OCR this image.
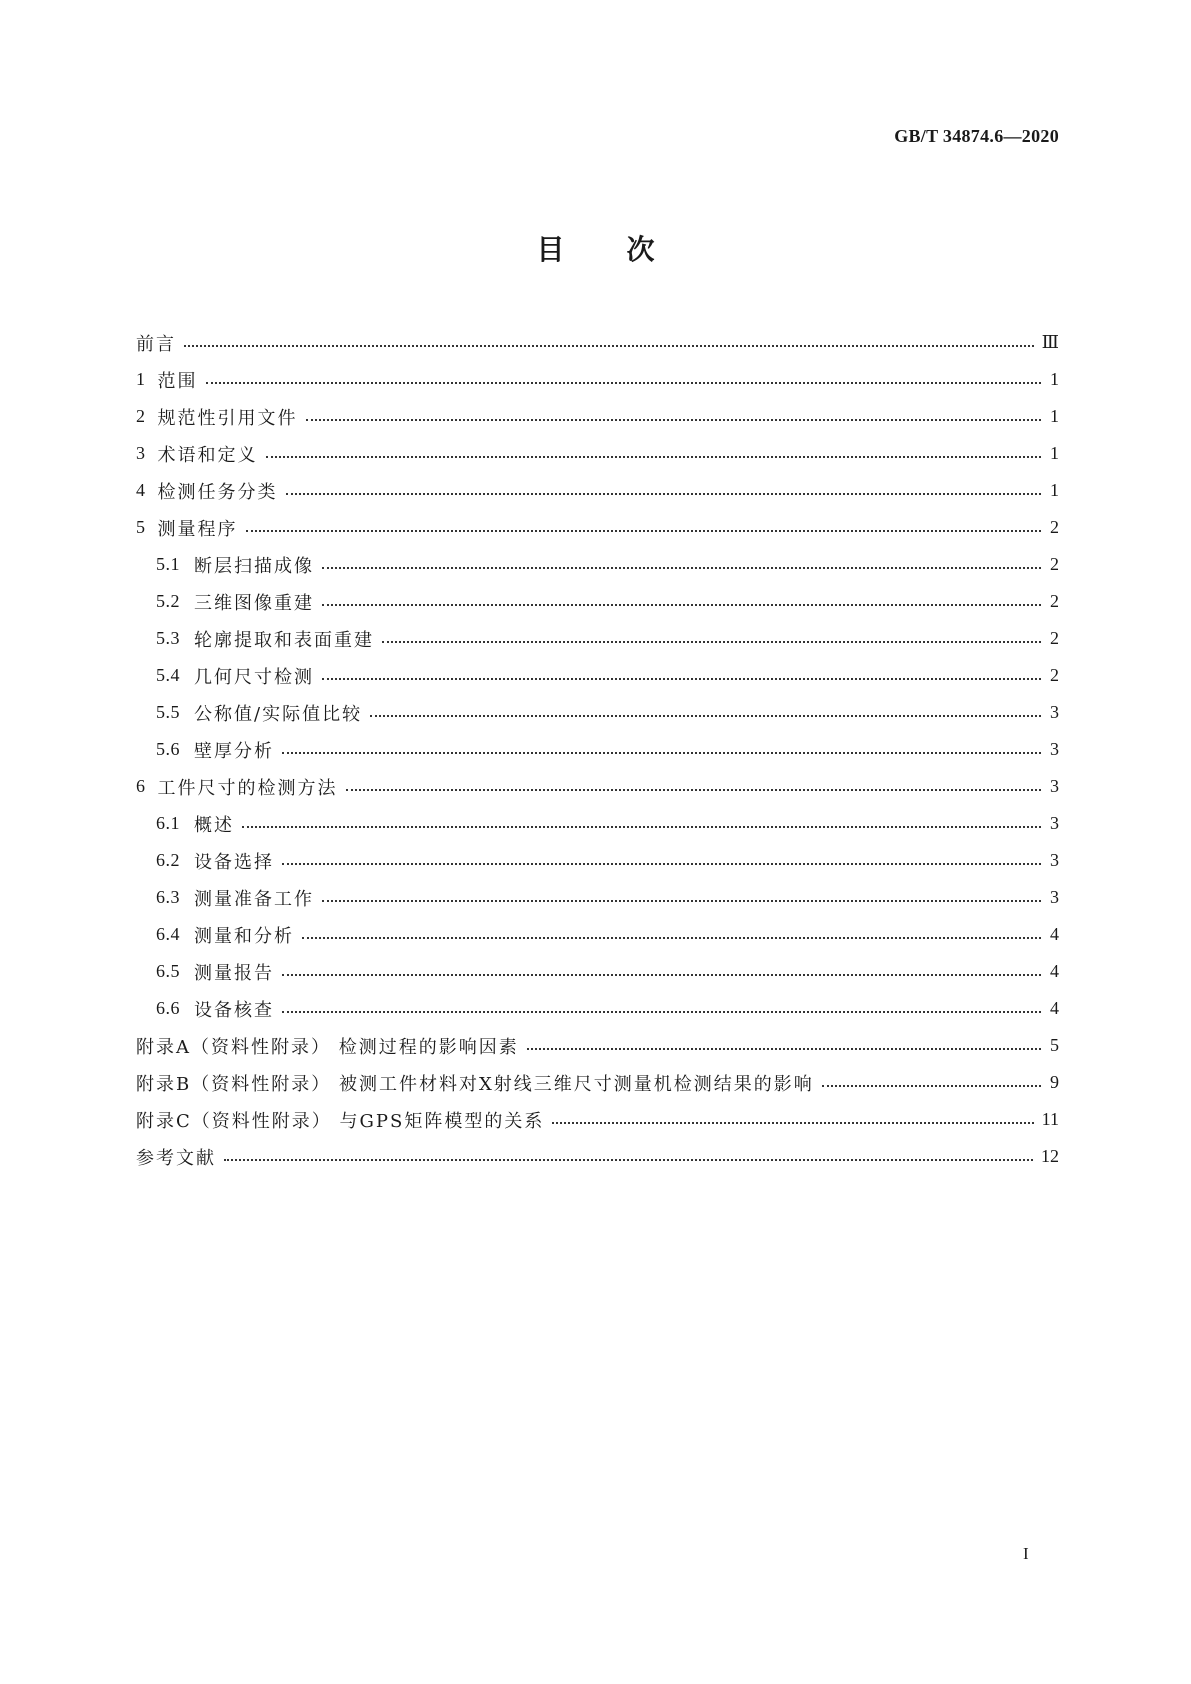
GB/T 34874.6—2020
目次
前言	Ⅲ
1 范围	1
2 规范性引用文件	1
3 术语和定义	1
4 检测任务分类	1
5 测量程序	2
5.1 断层扫描成像	2
5.2 三维图像重建	2
5.3 轮廓提取和表面重建	2
5.4 几何尺寸检测	2
5.5 公称值/实际值比较	3
5.6 壁厚分析	3
6 工件尺寸的检测方法	3
6.1 概述	3
6.2 设备选择	3
6.3 测量准备工作	3
6.4 测量和分析	4
6.5 测量报告	4
6.6 设备核查	4
附录A（资料性附录） 检测过程的影响因素	5
附录B（资料性附录） 被测工件材料对X射线三维尺寸测量机检测结果的影响	9
附录C（资料性附录） 与GPS矩阵模型的关系	11
参考文献	12
I
